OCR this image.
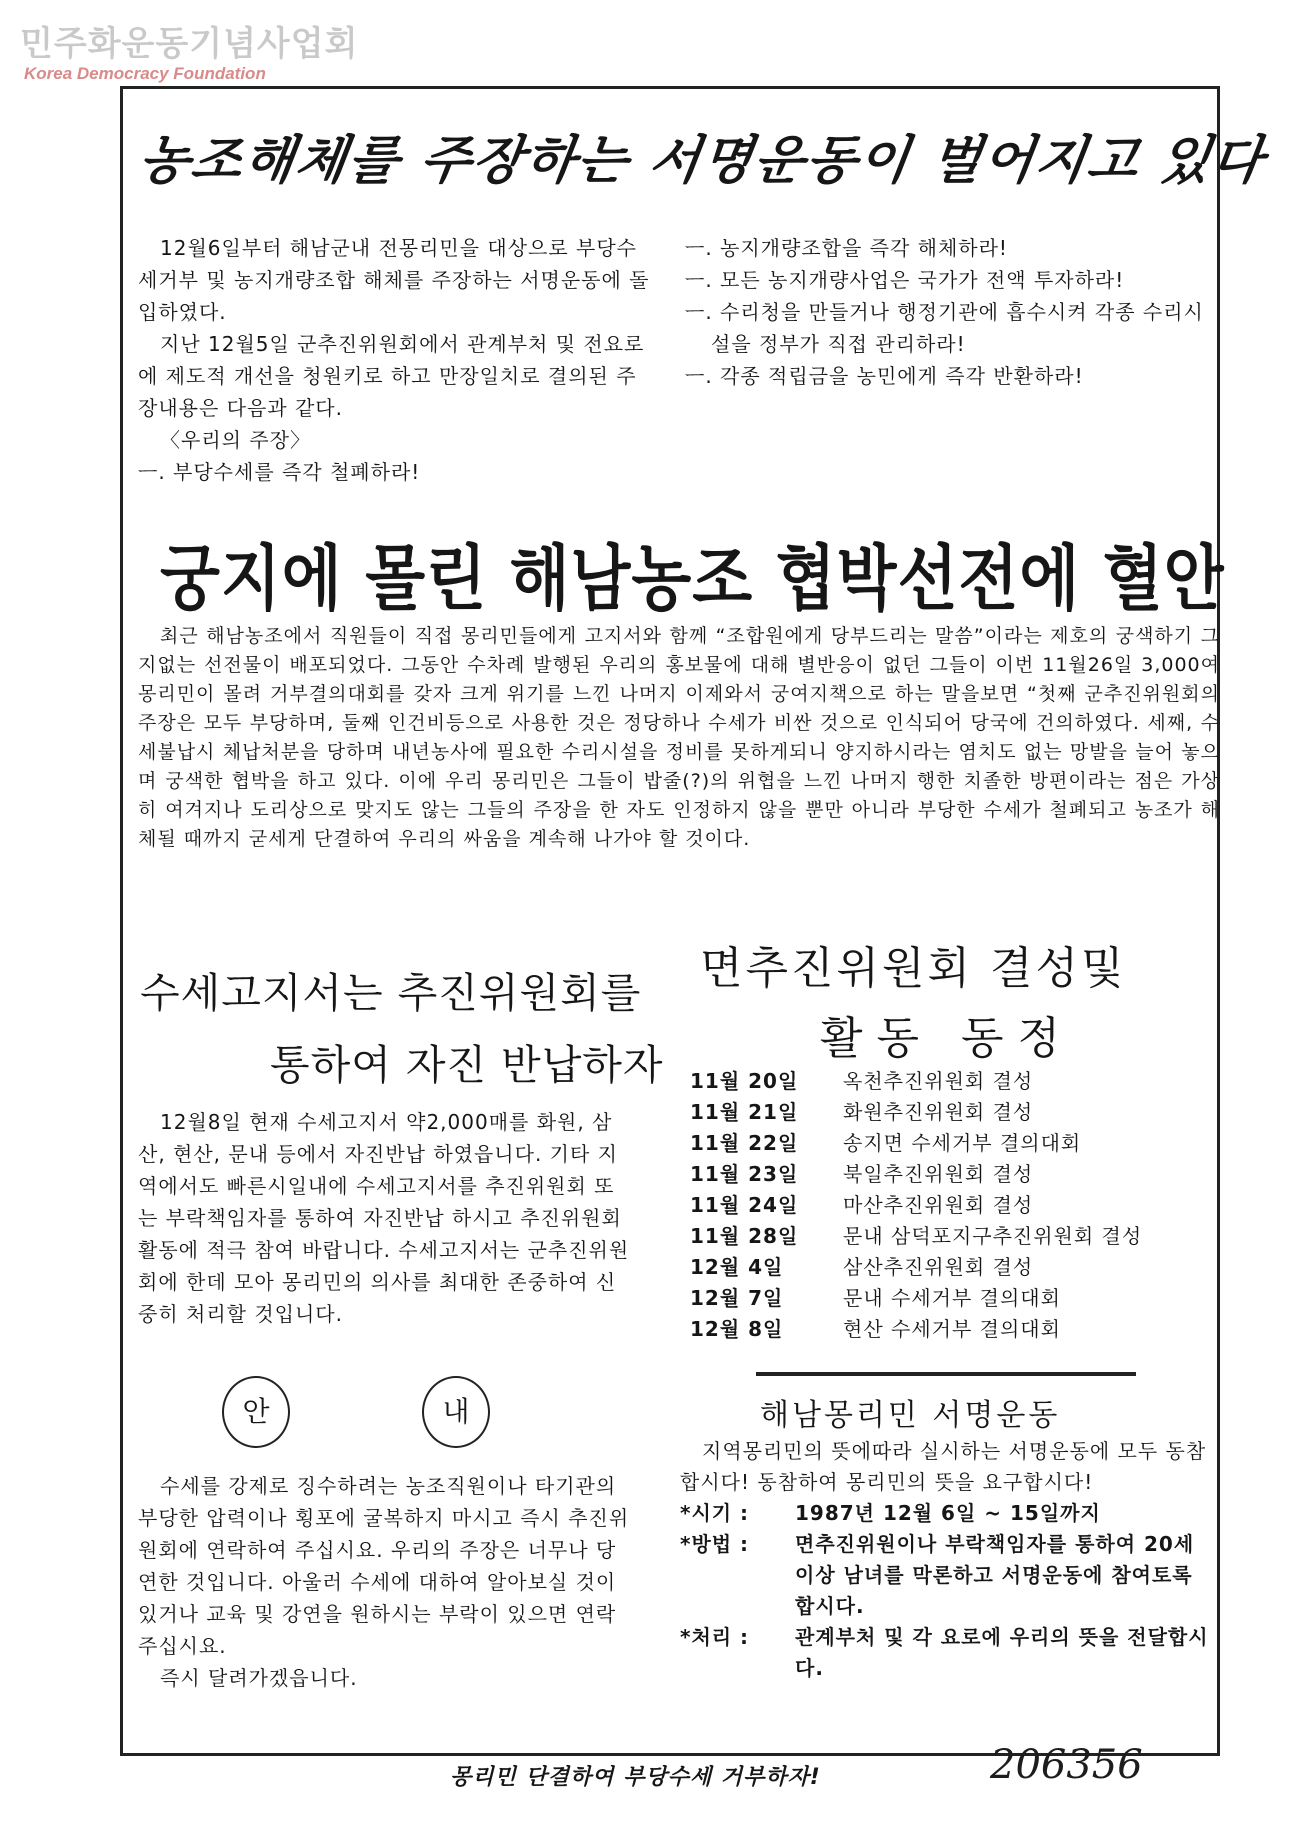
민주화운동기념사업회
Korea Democracy Foundation
농조해체를 주장하는 서명운동이 벌어지고 있다
12월6일부터 해남군내 전몽리민을 대상으로 부당수세거부 및 농지개량조합 해체를 주장하는 서명운동에 돌입하였다.
지난 12월5일 군추진위원회에서 관계부처 및 전요로에 제도적 개선을 청원키로 하고 만장일치로 결의된 주장내용은 다음과 같다.
〈우리의 주장〉
ㅡ. 부당수세를 즉각 철폐하라!
ㅡ. 농지개량조합을 즉각 해체하라!
ㅡ. 모든 농지개량사업은 국가가 전액 투자하라!
ㅡ. 수리청을 만들거나 행정기관에 흡수시켜 각종 수리시설을 정부가 직접 관리하라!
ㅡ. 각종 적립금을 농민에게 즉각 반환하라!
궁지에 몰린 해남농조 협박선전에 혈안
최근 해남농조에서 직원들이 직접 몽리민들에게 고지서와 함께 “조합원에게 당부드리는 말씀”이라는 제호의 궁색하기 그지없는 선전물이 배포되었다. 그동안 수차례 발행된 우리의 홍보물에 대해 별반응이 없던 그들이 이번 11월26일 3,000여 몽리민이 몰려 거부결의대회를 갖자 크게 위기를 느낀 나머지 이제와서 궁여지책으로 하는 말을보면 “첫째 군추진위원회의 주장은 모두 부당하며, 둘째 인건비등으로 사용한 것은 정당하나 수세가 비싼 것으로 인식되어 당국에 건의하였다. 세째, 수세불납시 체납처분을 당하며 내년농사에 필요한 수리시설을 정비를 못하게되니 양지하시라는 염치도 없는 망발을 늘어 놓으며 궁색한 협박을 하고 있다. 이에 우리 몽리민은 그들이 밥줄(?)의 위협을 느낀 나머지 행한 치졸한 방편이라는 점은 가상히 여겨지나 도리상으로 맞지도 않는 그들의 주장을 한 자도 인정하지 않을 뿐만 아니라 부당한 수세가 철폐되고 농조가 해체될 때까지 굳세게 단결하여 우리의 싸움을 계속해 나가야 할 것이다.
수세고지서는 추진위원회를
통하여 자진 반납하자
12월8일 현재 수세고지서 약2,000매를 화원, 삼산, 현산, 문내 등에서 자진반납 하였읍니다. 기타 지역에서도 빠른시일내에 수세고지서를 추진위원회 또는 부락책임자를 통하여 자진반납 하시고 추진위원회 활동에 적극 참여 바랍니다. 수세고지서는 군추진위원회에 한데 모아 몽리민의 의사를 최대한 존중하여 신중히 처리할 것입니다.
면추진위원회 결성및
활동 동정
11월 20일	옥천추진위원회 결성
11월 21일	화원추진위원회 결성
11월 22일	송지면 수세거부 결의대회
11월 23일	북일추진위원회 결성
11월 24일	마산추진위원회 결성
11월 28일	문내 삼덕포지구추진위원회 결성
12월 4일	삼산추진위원회 결성
12월 7일	문내 수세거부 결의대회
12월 8일	현산 수세거부 결의대회
안	내
수세를 강제로 징수하려는 농조직원이나 타기관의 부당한 압력이나 횡포에 굴복하지 마시고 즉시 추진위원회에 연락하여 주십시요. 우리의 주장은 너무나 당연한 것입니다. 아울러 수세에 대하여 알아보실 것이 있거나 교육 및 강연을 원하시는 부락이 있으면 연락주십시요.
즉시 달려가겠읍니다.
해남몽리민 서명운동
지역몽리민의 뜻에따라 실시하는 서명운동에 모두 동참합시다! 동참하여 몽리민의 뜻을 요구합시다!
*시기 :	1987년 12월 6일 ~ 15일까지
*방법 :	면추진위원이나 부락책임자를 통하여 20세이상 남녀를 막론하고 서명운동에 참여토록 합시다.
*처리 :	관계부처 및 각 요로에 우리의 뜻을 전달합시다.
몽리민 단결하여 부당수세 거부하자!	206356
